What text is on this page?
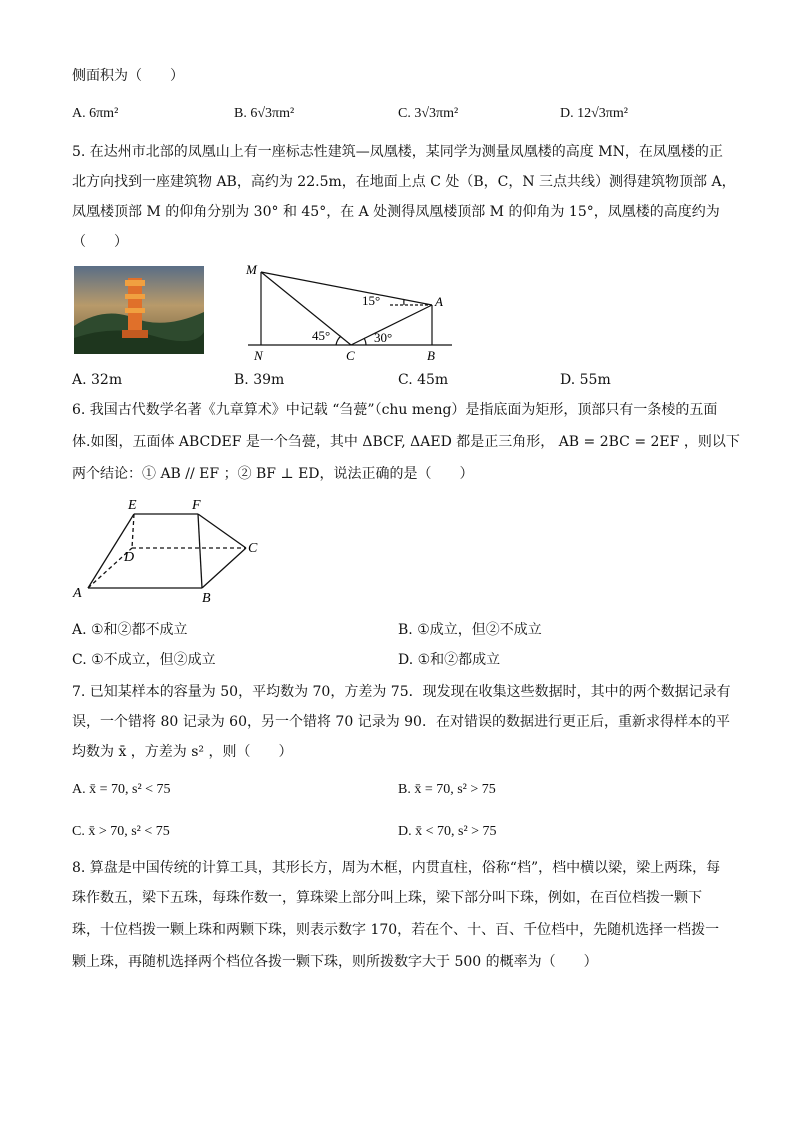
侧面积为（　　）
A. 6πm²	B. 6√3πm²	C. 3√3πm²	D. 12√3πm²
5. 在达州市北部的凤凰山上有一座标志性建筑—凤凰楼，某同学为测量凤凰楼的高度 MN，在凤凰楼的正
北方向找到一座建筑物 AB，高约为 22.5m，在地面上点 C 处（B，C，N 三点共线）测得建筑物顶部 A，
凤凰楼顶部 M 的仰角分别为 30° 和 45°，在 A 处测得凤凰楼顶部 M 的仰角为 15°，凤凰楼的高度约为
（　　）
M
N	C
A
B
45°	30°
15°
A. 32m	B. 39m	C. 45m	D. 55m
6. 我国古代数学名著《九章算术》中记载 “刍甍”（chu meng）是指底面为矩形，顶部只有一条棱的五面
体.如图，五面体 ABCDEF 是一个刍甍，其中 ΔBCF, ΔAED 都是正三角形， AB = 2BC = 2EF ，则以下
两个结论：① AB // EF ；② BF ⊥ ED，说法正确的是（　　）
E	F
D
C
A	B
A. ①和②都不成立	B. ①成立，但②不成立
C. ①不成立，但②成立	D. ①和②都成立
7. 已知某样本的容量为 50，平均数为 70，方差为 75．现发现在收集这些数据时，其中的两个数据记录有
误，一个错将 80 记录为 60，另一个错将 70 记录为 90．在对错误的数据进行更正后，重新求得样本的平
均数为 x̄ ，方差为 s² ，则（　　）
A. x̄ = 70, s² < 75	B. x̄ = 70, s² > 75
C. x̄ > 70, s² < 75	D. x̄ < 70, s² > 75
8. 算盘是中国传统的计算工具，其形长方，周为木框，内贯直柱，俗称“档”，档中横以梁，梁上两珠，每
珠作数五，梁下五珠，每珠作数一，算珠梁上部分叫上珠，梁下部分叫下珠，例如，在百位档拨一颗下
珠，十位档拨一颗上珠和两颗下珠，则表示数字 170，若在个、十、百、千位档中，先随机选择一档拨一
颗上珠，再随机选择两个档位各拨一颗下珠，则所拨数字大于 500 的概率为（　　）
